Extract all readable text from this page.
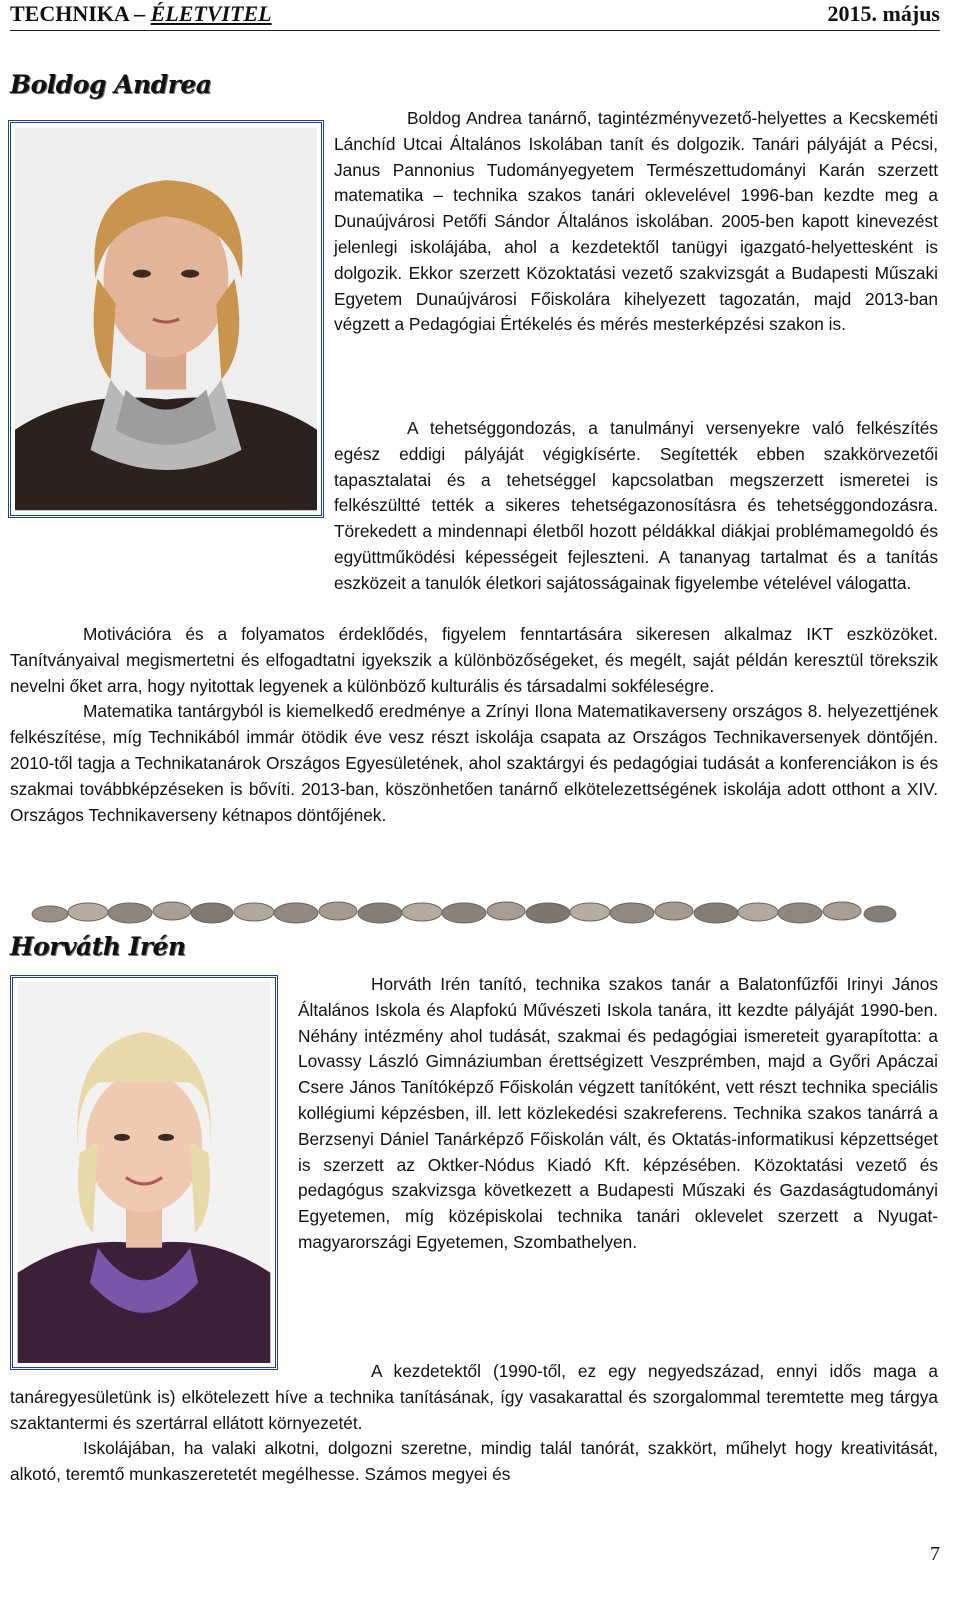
TECHNIKA – ÉLETVITEL	2015. május
Boldog Andrea

Boldog Andrea tanárnő, tagintézményvezető-helyettes a Kecskeméti Lánchíd Utcai Általános Iskolában tanít és dolgozik. Tanári pályáját a Pécsi, Janus Pannonius Tudományegyetem Természettudományi Karán szerzett matematika – technika szakos tanári oklevelével 1996-ban kezdte meg a Dunaújvárosi Petőfi Sándor Általános iskolában. 2005-ben kapott kinevezést jelenlegi iskolájába, ahol a kezdetektől tanügyi igazgató-helyettesként is dolgozik. Ekkor szerzett Közoktatási vezető szakvizsgát a Budapesti Műszaki Egyetem Dunaújvárosi Főiskolára kihelyezett tagozatán, majd 2013-ban végzett a Pedagógiai Értékelés és mérés mesterképzési szakon is.

A tehetséggondozás, a tanulmányi versenyekre való felkészítés egész eddigi pályáját végigkísérte. Segítették ebben szakkörvezetői tapasztalatai és a tehetséggel kapcsolatban megszerzett ismeretei is felkészültté tették a sikeres tehetségazonosításra és tehetséggondozásra. Törekedett a mindennapi életből hozott példákkal diákjai problémamegoldó és együttműködési képességeit fejleszteni. A tananyag tartalmat és a tanítás eszközeit a tanulók életkori sajátosságainak figyelembe vételével válogatta.

Motivációra és a folyamatos érdeklődés, figyelem fenntartására sikeresen alkalmaz IKT eszközöket. Tanítványaival megismertetni és elfogadtatni igyekszik a különbözőségeket, és megélt, saját példán keresztül törekszik nevelni őket arra, hogy nyitottak legyenek a különböző kulturális és társadalmi sokféleségre.

Matematika tantárgyból is kiemelkedő eredménye a Zrínyi Ilona Matematikaverseny országos 8. helyezettjének felkészítése, míg Technikából immár ötödik éve vesz részt iskolája csapata az Országos Technikaversenyek döntőjén. 2010-től tagja a Technikatanárok Országos Egyesületének, ahol szaktárgyi és pedagógiai tudását a konferenciákon is és szakmai továbbképzéseken is bővíti. 2013-ban, köszönhetően tanárnő elkötelezettségének iskolája adott otthont a XIV. Országos Technikaverseny kétnapos döntőjének.

Horváth Irén

Horváth Irén tanító, technika szakos tanár a Balatonfűzfői Irinyi János Általános Iskola és Alapfokú Művészeti Iskola tanára, itt kezdte pályáját 1990-ben. Néhány intézmény ahol tudását, szakmai és pedagógiai ismereteit gyarapította: a Lovassy László Gimnáziumban érettségizett Veszprémben, majd a Győri Apáczai Csere János Tanítóképző Főiskolán végzett tanítóként, vett részt technika speciális kollégiumi képzésben, ill. lett közlekedési szakreferens. Technika szakos tanárrá a Berzsenyi Dániel Tanárképző Főiskolán vált, és Oktatás-informatikusi képzettséget is szerzett az Oktker-Nódus Kiadó Kft. képzésében. Közoktatási vezető és pedagógus szakvizsga következett a Budapesti Műszaki és Gazdaságtudományi Egyetemen, míg középiskolai technika tanári oklevelet szerzett a Nyugat-magyarországi Egyetemen, Szombathelyen.

A kezdetektől (1990-től, ez egy negyedszázad, ennyi idős maga a tanáregyesületünk is) elkötelezett híve a technika tanításának, így vasakarattal és szorgalommal teremtette meg tárgya szaktantermi és szertárral ellátott környezetét.

Iskolájában, ha valaki alkotni, dolgozni szeretne, mindig talál tanórát, szakkört, műhelyt hogy kreativitását, alkotó, teremtő munkaszeretetét megélhesse. Számos megyei és

7
